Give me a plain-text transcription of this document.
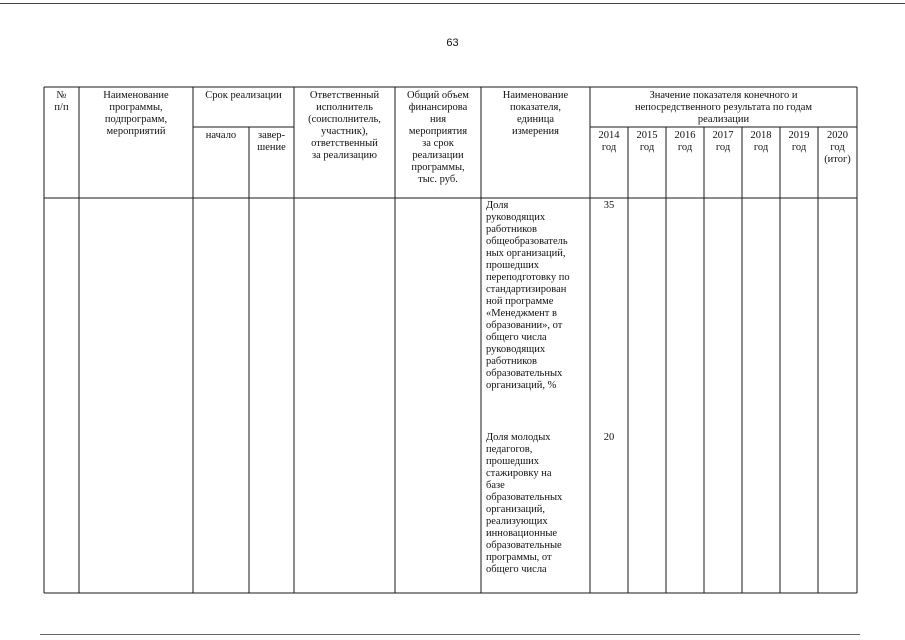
63
№
п/п
Наименование
программы,
подпрограмм,
мероприятий
Срок реализации
начало	завер-
шение
Ответственный
исполнитель
(соисполнитель,
участник),
ответственный
за реализацию
Общий объем
финансирова
ния
мероприятия
за срок
реализации
программы,
тыс. руб.
Наименование
показателя,
единица
измерения
Значение показателя конечного и
непосредственного результата по годам
реализации
2014
год
2015
год
2016
год
2017
год
2018
год
2019
год
2020
год
(итог)
Доля
руководящих
работников
общеобразователь
ных организаций,
прошедших
переподготовку по
стандартизирован
ной программе
«Менеджмент в
образовании», от
общего числа
руководящих
работников
образовательных
организаций, %
35
Доля молодых
педагогов,
прошедших
стажировку на
базе
образовательных
организаций,
реализующих
инновационные
образовательные
программы, от
общего числа
20
